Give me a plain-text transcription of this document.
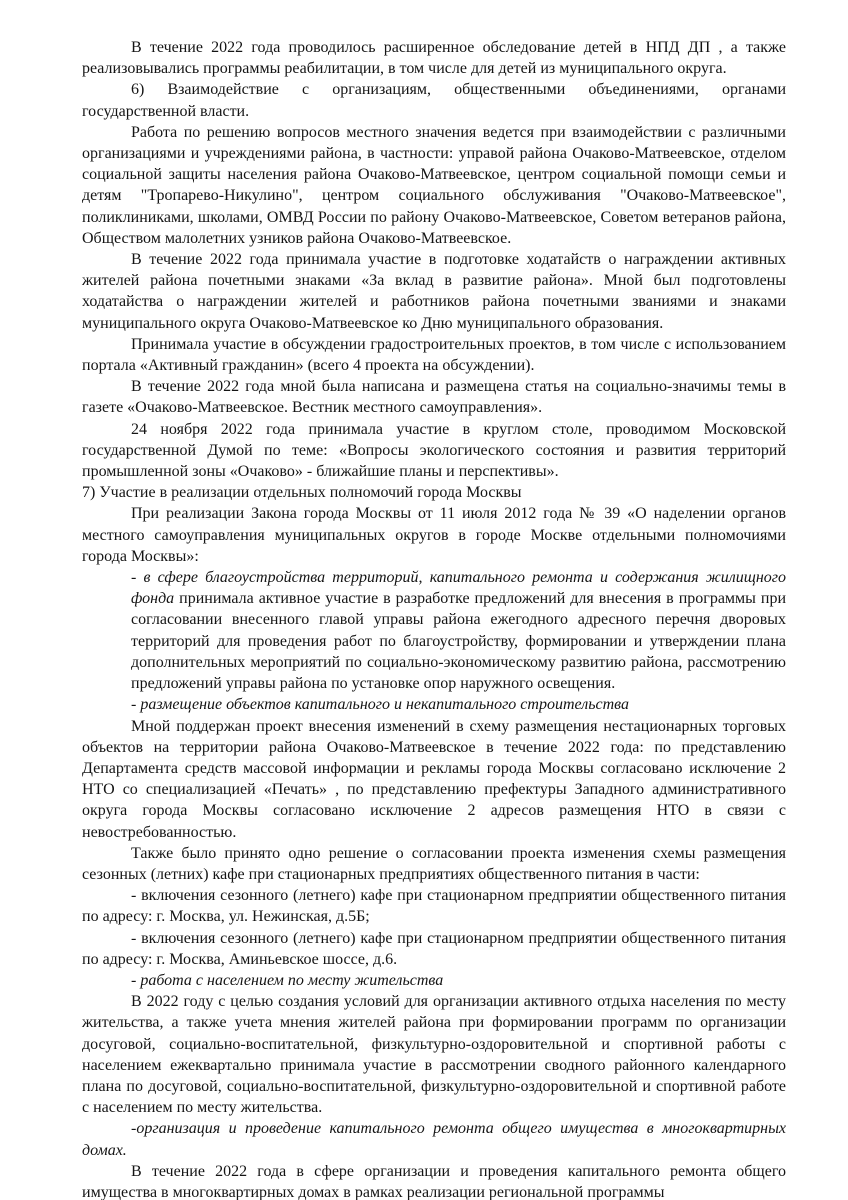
В течение 2022 года проводилось расширенное обследование детей в НПД ДП , а также реализовывались программы реабилитации, в том числе для детей из муниципального округа.

6) Взаимодействие с организациям, общественными объединениями, органами государственной власти.

Работа по решению вопросов местного значения ведется при взаимодействии с различными организациями и учреждениями района, в частности: управой района Очаково-Матвеевское, отделом социальной защиты населения района Очаково-Матвеевское, центром социальной помощи семьи и детям "Тропарево-Никулино", центром социального обслуживания "Очаково-Матвеевское", поликлиниками, школами, ОМВД России по району Очаково-Матвеевское, Советом ветеранов района, Обществом малолетних узников района Очаково-Матвеевское.

В течение 2022 года принимала участие в подготовке ходатайств о награждении активных жителей района почетными знаками «За вклад в развитие района». Мной был подготовлены ходатайства о награждении жителей и работников района почетными званиями и знаками муниципального округа Очаково-Матвеевское ко Дню муниципального образования.

Принимала участие в обсуждении градостроительных проектов, в том числе с использованием портала «Активный гражданин» (всего 4 проекта на обсуждении).

В течение 2022 года мной была написана и размещена статья на социально-значимы темы в газете «Очаково-Матвеевское. Вестник местного самоуправления».

24 ноября 2022 года принимала участие в круглом столе, проводимом Московской государственной Думой по теме: «Вопросы экологического состояния и развития территорий промышленной зоны «Очаково» - ближайшие планы и перспективы».

7) Участие в реализации отдельных полномочий города Москвы

При реализации Закона города Москвы от 11 июля 2012 года № 39 «О наделении органов местного самоуправления муниципальных округов в городе Москве отдельными полномочиями города Москвы»:

- в сфере благоустройства территорий, капитального ремонта и содержания жилищного фонда принимала активное участие в разработке предложений для внесения в программы при согласовании внесенного главой управы района ежегодного адресного перечня дворовых территорий для проведения работ по благоустройству, формировании и утверждении плана дополнительных мероприятий по социально-экономическому развитию района, рассмотрению предложений управы района по установке опор наружного освещения.

- размещение объектов капитального и некапитального строительства

Мной поддержан проект внесения изменений в схему размещения нестационарных торговых объектов на территории района Очаково-Матвеевское в течение 2022 года: по представлению Департамента средств массовой информации и рекламы города Москвы согласовано исключение 2 НТО со специализацией «Печать» , по представлению префектуры Западного административного округа города Москвы согласовано исключение 2 адресов размещения НТО в связи с невостребованностью.

Также было принято одно решение о согласовании проекта изменения схемы размещения сезонных (летних) кафе при стационарных предприятиях общественного питания в части:

- включения сезонного (летнего) кафе при стационарном предприятии общественного питания по адресу: г. Москва, ул. Нежинская, д.5Б;

- включения сезонного (летнего) кафе при стационарном предприятии общественного питания по адресу: г. Москва, Аминьевское шоссе, д.6.

- работа с населением по месту жительства

В 2022 году с целью создания условий для организации активного отдыха населения по месту жительства, а также учета мнения жителей района при формировании программ по организации досуговой, социально-воспитательной, физкультурно-оздоровительной и спортивной работы с населением ежеквартально принимала участие в рассмотрении сводного районного календарного плана по досуговой, социально-воспитательной, физкультурно-оздоровительной и спортивной работе с населением по месту жительства.

-организация и проведение капитального ремонта общего имущества в многоквартирных домах.

В течение 2022 года в сфере организации и проведения капитального ремонта общего имущества в многоквартирных домах в рамках реализации региональной программы
